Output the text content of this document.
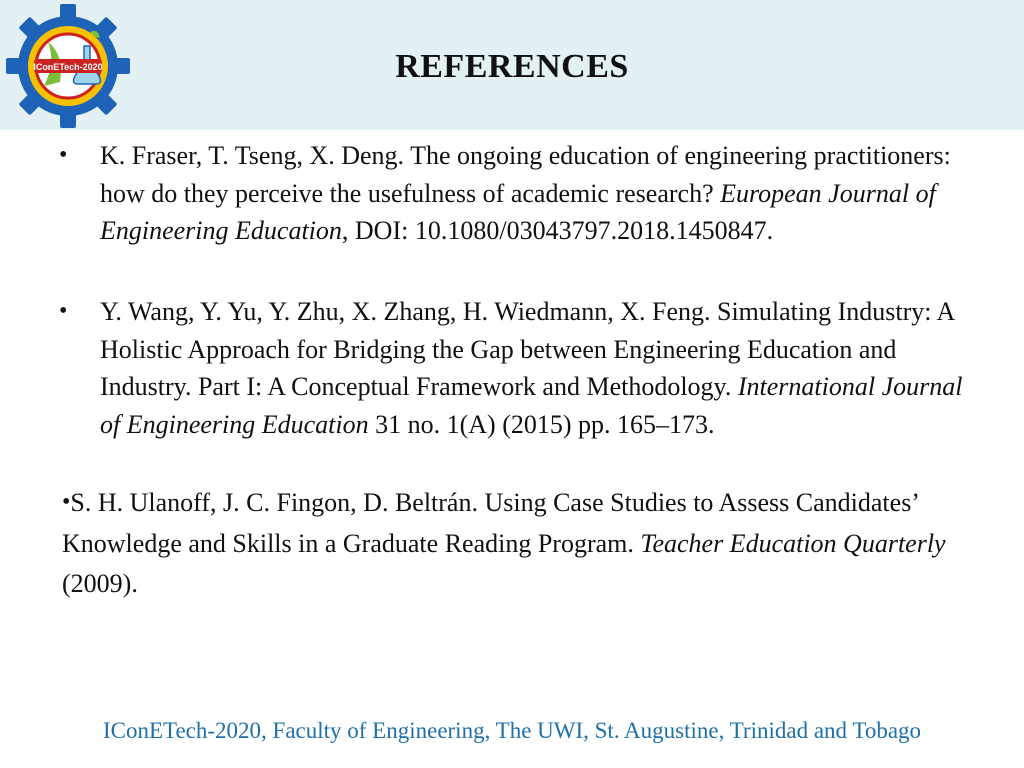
IConETech-2020	REFERENCES
• K. Fraser, T. Tseng, X. Deng. The ongoing education of engineering practitioners: how do they perceive the usefulness of academic research? European Journal of Engineering Education, DOI: 10.1080/03043797.2018.1450847.
• Y. Wang, Y. Yu, Y. Zhu, X. Zhang, H. Wiedmann, X. Feng. Simulating Industry: A Holistic Approach for Bridging the Gap between Engineering Education and Industry. Part I: A Conceptual Framework and Methodology. International Journal of Engineering Education 31 no. 1(A) (2015) pp. 165–173.
•S. H. Ulanoff, J. C. Fingon, D. Beltrán. Using Case Studies to Assess Candidates’ Knowledge and Skills in a Graduate Reading Program. Teacher Education Quarterly (2009).
IConETech-2020, Faculty of Engineering, The UWI, St. Augustine, Trinidad and Tobago
